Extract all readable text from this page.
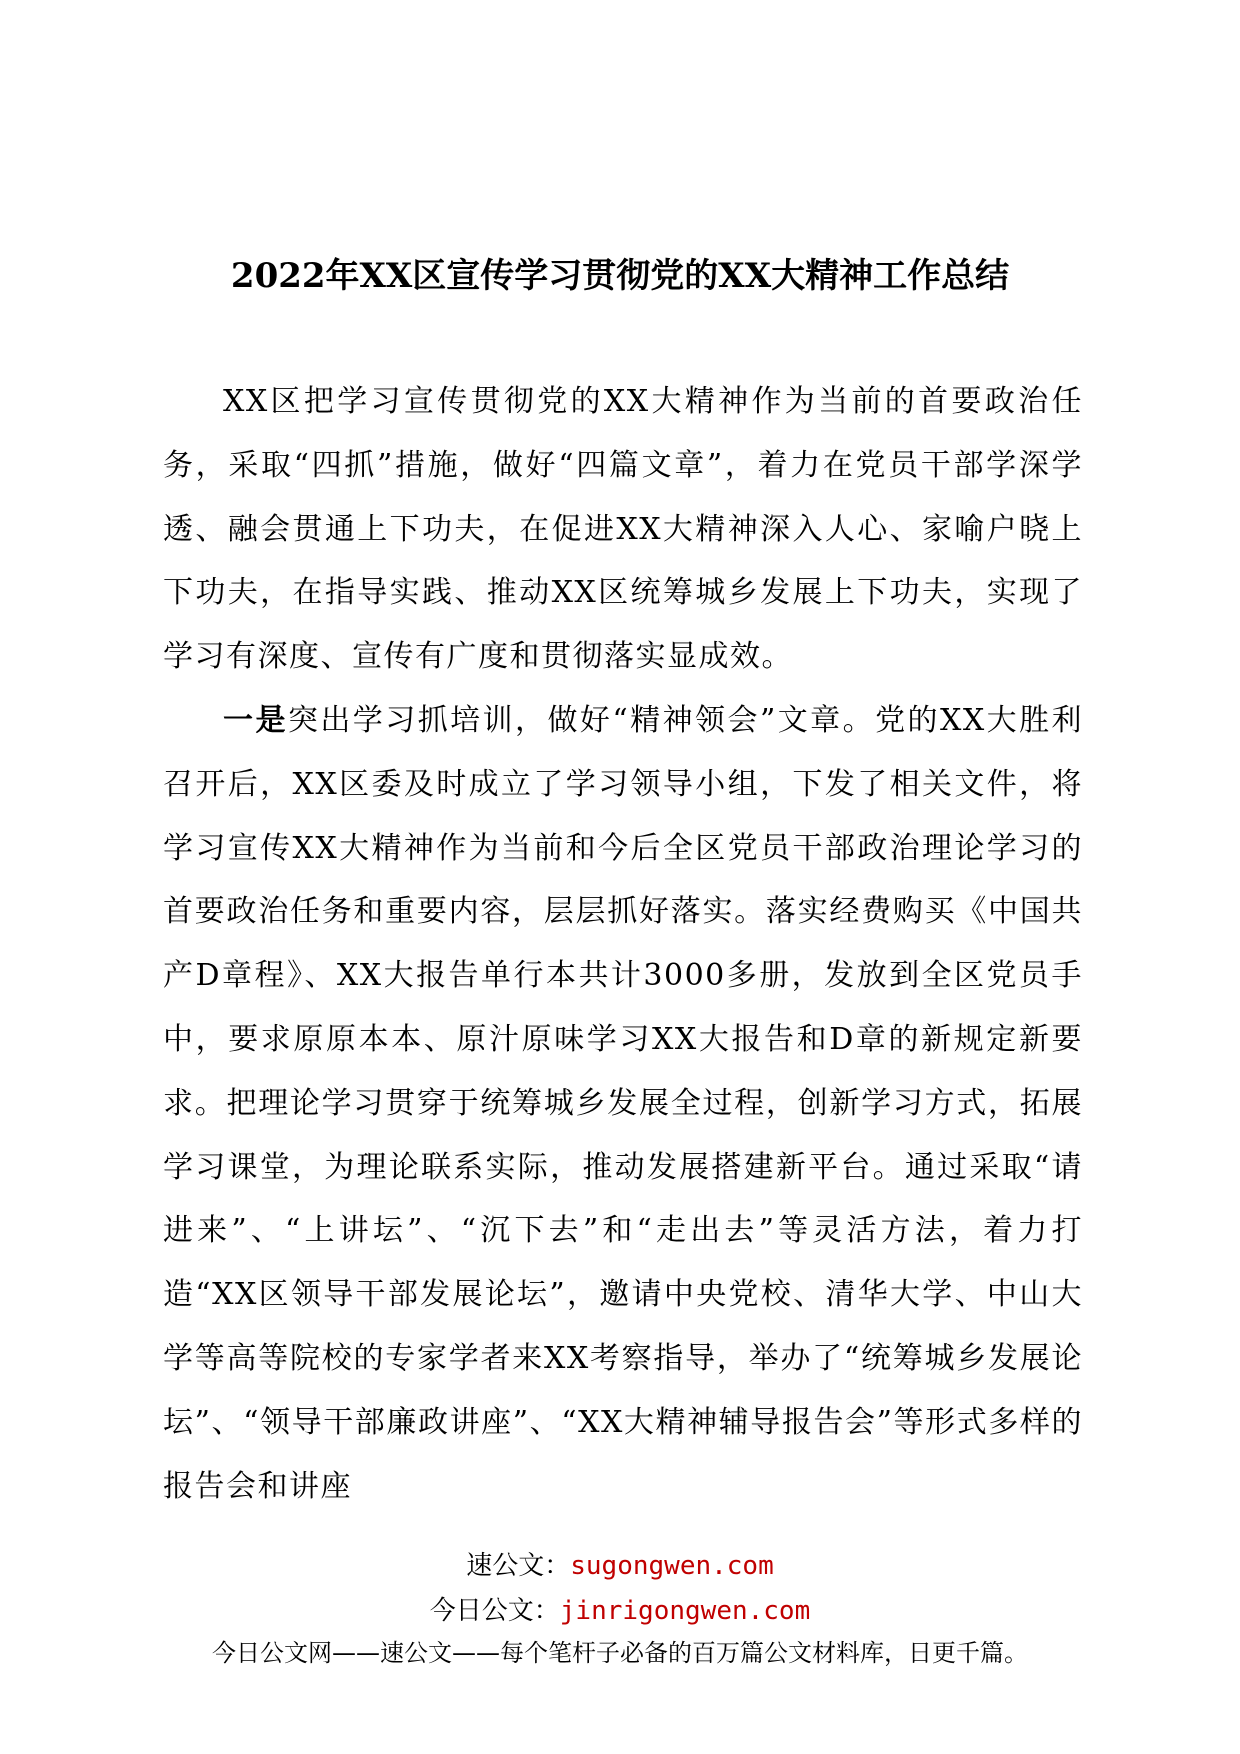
2022年XX区宣传学习贯彻党的XX大精神工作总结

XX区把学习宣传贯彻党的XX大精神作为当前的首要政治任务，采取“四抓”措施，做好“四篇文章”，着力在党员干部学深学透、融会贯通上下功夫，在促进XX大精神深入人心、家喻户晓上下功夫，在指导实践、推动XX区统筹城乡发展上下功夫，实现了学习有深度、宣传有广度和贯彻落实显成效。

一是突出学习抓培训，做好“精神领会”文章。党的XX大胜利召开后，XX区委及时成立了学习领导小组，下发了相关文件，将学习宣传XX大精神作为当前和今后全区党员干部政治理论学习的首要政治任务和重要内容，层层抓好落实。落实经费购买《中国共产D章程》、XX大报告单行本共计3000多册，发放到全区党员手中，要求原原本本、原汁原味学习XX大报告和D章的新规定新要求。把理论学习贯穿于统筹城乡发展全过程，创新学习方式，拓展学习课堂，为理论联系实际，推动发展搭建新平台。通过采取“请进来”、“上讲坛”、“沉下去”和“走出去”等灵活方法，着力打造“XX区领导干部发展论坛”，邀请中央党校、清华大学、中山大学等高等院校的专家学者来XX考察指导，举办了“统筹城乡发展论坛”、“领导干部廉政讲座”、“XX大精神辅导报告会”等形式多样的报告会和讲座

速公文：sugongwen.com
今日公文：jinrigongwen.com
今日公文网——速公文——每个笔杆子必备的百万篇公文材料库，日更千篇。
